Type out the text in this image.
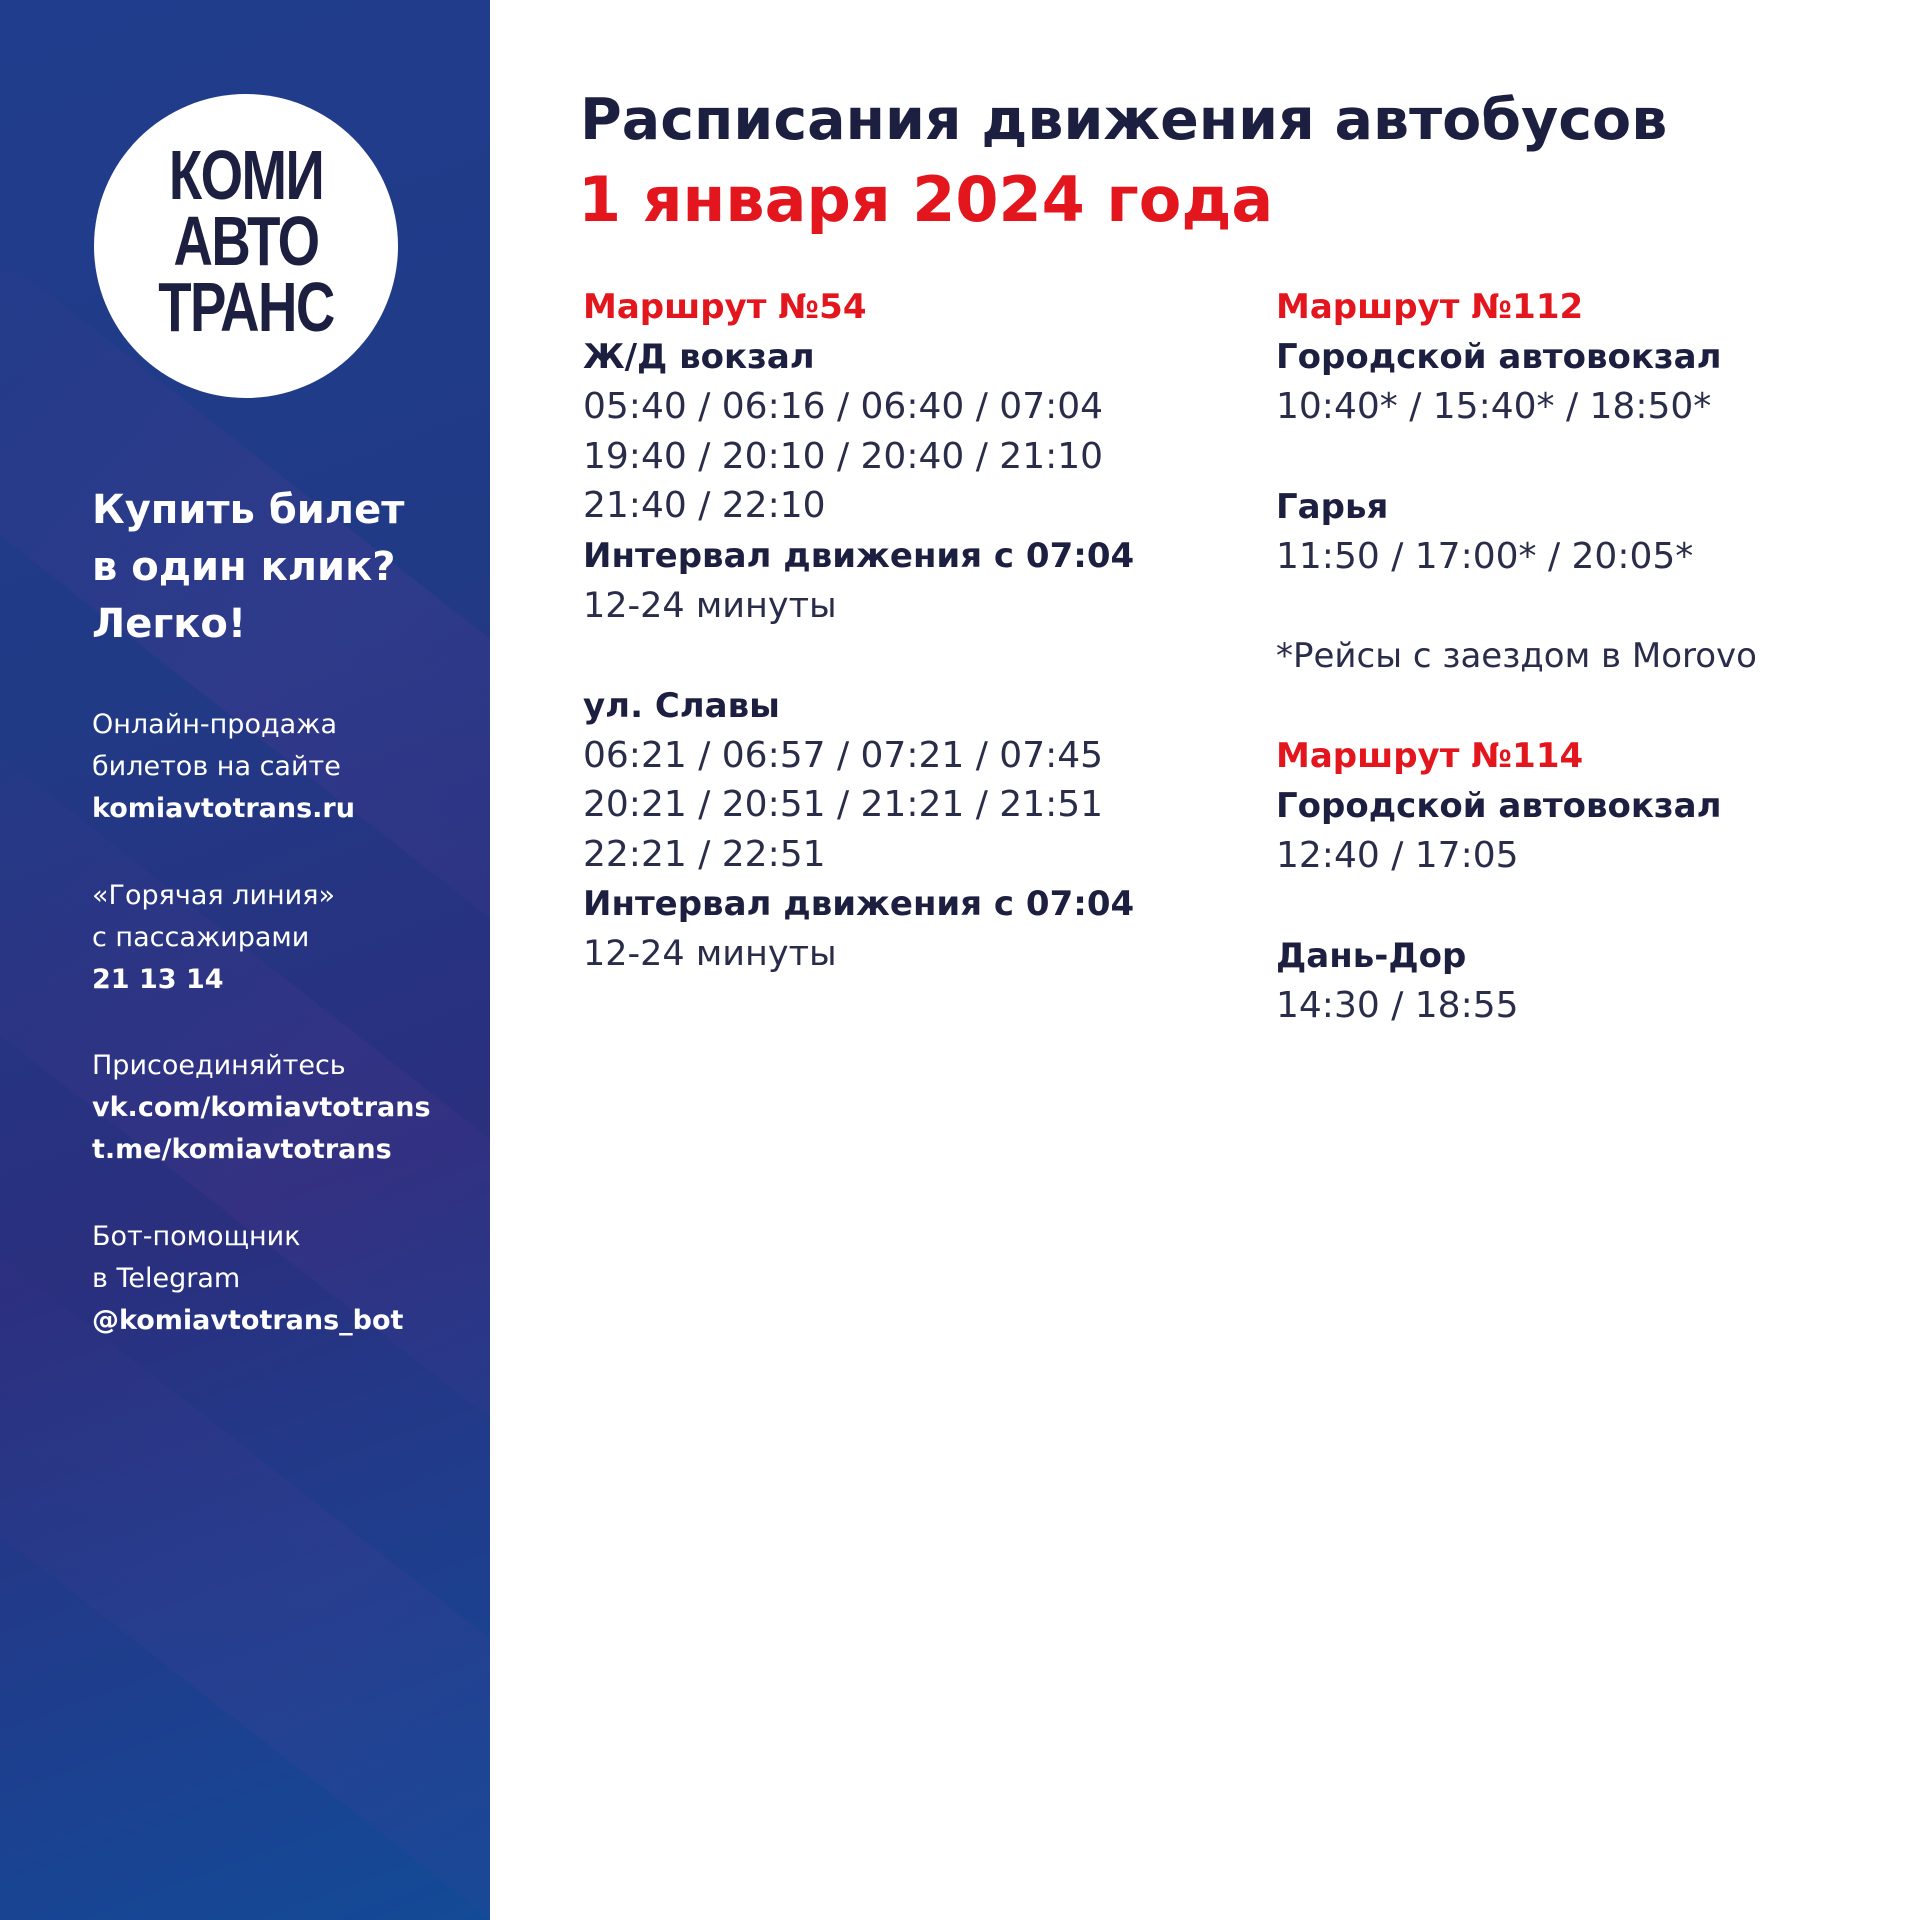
КОМИ
АВТО
ТРАНС
Купить билет
в один клик?
Легко!
Онлайн-продажа
билетов на сайте
komiavtotrans.ru
«Горячая линия»
с пассажирами
21 13 14
Присоединяйтесь
vk.com/komiavtotrans
t.me/komiavtotrans
Бот-помощник
в Telegram
@komiavtotrans_bot
Расписания движения автобусов
1 января 2024 года
Маршрут №54
Ж/Д вокзал
05:40 / 06:16 / 06:40 / 07:04
19:40 / 20:10 / 20:40 / 21:10
21:40 / 22:10
Интервал движения с 07:04
12-24 минуты
ул. Славы
06:21 / 06:57 / 07:21 / 07:45
20:21 / 20:51 / 21:21 / 21:51
22:21 / 22:51
Интервал движения с 07:04
12-24 минуты
Маршрут №112
Городской автовокзал
10:40* / 15:40* / 18:50*
Гарья
11:50 / 17:00* / 20:05*
*Рейсы с заездом в Morovo
Маршрут №114
Городской автовокзал
12:40 / 17:05
Дань-Дор
14:30 / 18:55
